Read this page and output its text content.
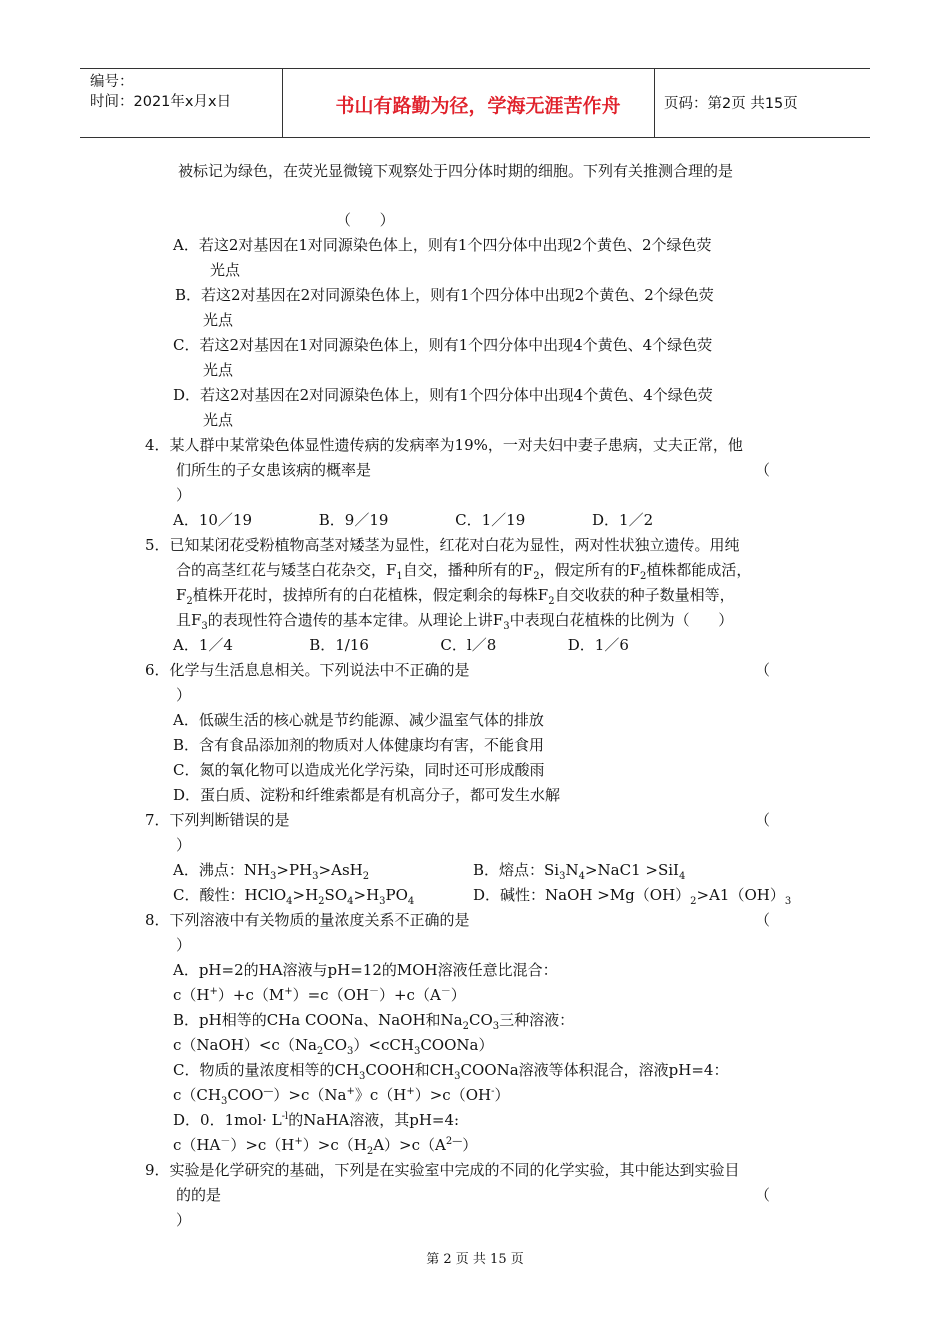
编号：
时间：2021年x月x日	书山有路勤为径，学海无涯苦作舟	页码：第2页 共15页
被标记为绿色，在荧光显微镜下观察处于四分体时期的细胞。下列有关推测合理的是
（      ）
A．若这2对基因在1对同源染色体上，则有1个四分体中出现2个黄色、2个绿色荧
光点
B．若这2对基因在2对同源染色体上，则有1个四分体中出现2个黄色、2个绿色荧
光点
C．若这2对基因在1对同源染色体上，则有1个四分体中出现4个黄色、4个绿色荧
光点
D．若这2对基因在2对同源染色体上，则有1个四分体中出现4个黄色、4个绿色荧
光点
4．某人群中某常染色体显性遗传病的发病率为19%，一对夫妇中妻子患病，丈夫正常，他
们所生的子女患该病的概率是	（
）
A．10／19              B．9／19              C．1／19              D．1／2
5．已知某闭花受粉植物高茎对矮茎为显性，红花对白花为显性，两对性状独立遗传。用纯
合的高茎红花与矮茎白花杂交，$F_1$自交，播种所有的$F_2$，假定所有的$F_2$植株都能成活，
$F_2$植株开花时，拔掉所有的白花植株，假定剩余的每株$F_2$自交收获的种子数量相等，
且$F_3$的表现性符合遗传的基本定律。从理论上讲$F_3$中表现白花植株的比例为（      ）
A．1／4                B．1/16               C．l／8               D．1／6
6．化学与生活息息相关。下列说法中不正确的是	（
）
A．低碳生活的核心就是节约能源、减少温室气体的排放
B．含有食品添加剂的物质对人体健康均有害，不能食用
C．氮的氧化物可以造成光化学污染，同时还可形成酸雨
D．蛋白质、淀粉和纤维索都是有机高分子，都可发生水解
7．下列判断错误的是	（
）
A．沸点：$NH_3>PH_3>AsH_2$	B．熔点：$Si_3N_4>NaC1 >SiI_4$
C．酸性：$HClO_4>H_2SO_4>H_3PO_4$	D．碱性：NaOH $>Mg(OH)_2>A1(OH)_3$
8．下列溶液中有关物质的量浓度关系不正确的是	（
）
A．pH=2的HA溶液与pH=12的MOH溶液任意比混合：
c（H+）+c（M+）=c（OH－）+c（A－）
B．pH相等的CHa COONa、NaOH和$Na_2CO_3$三种溶液：
$c(NaOH)<c(Na_2CO_3)<cCH_3COONa$）
C．物质的量浓度相等的$CH_3COOH$和$CH_3COONa$溶液等体积混合，溶液pH=4：
$c(CH_3COO^—)>c(Na^+$》c（H+）>c（OH-）
D．0．$1mol\cdot L^{-l}$的NaHA溶液，其pH=4:
$c(HA^-)>c(H^+)>c(H_2A)>c(A^{2—})$
9．实验是化学研究的基础，下列是在实验室中完成的不同的化学实验，其中能达到实验目
的的是	（
）
第 2 页 共 15 页
